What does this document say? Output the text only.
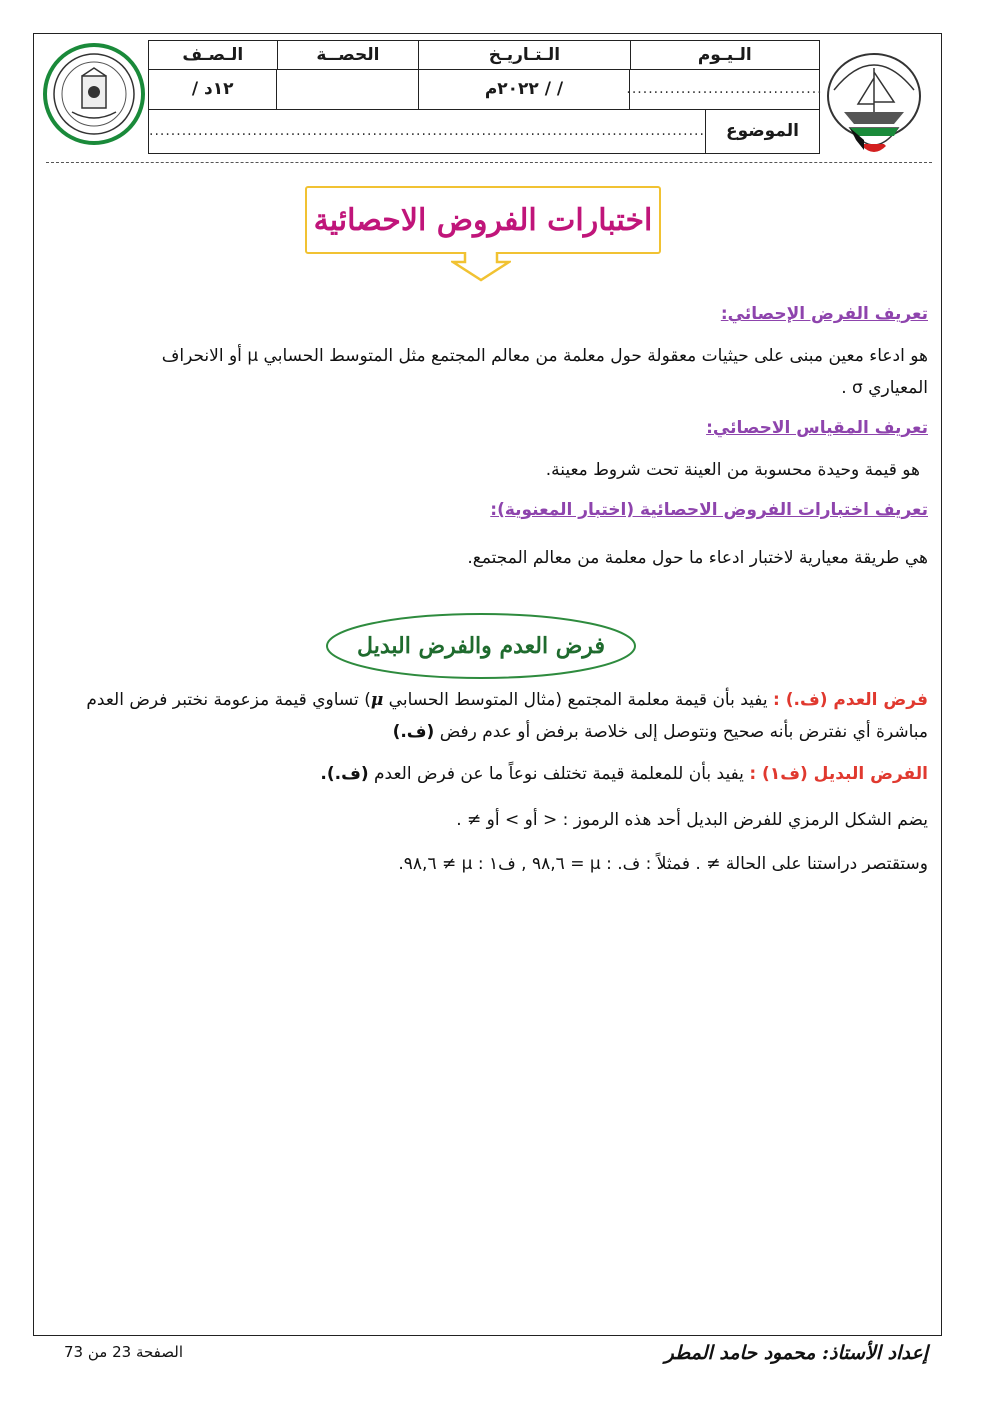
الـيـوم
الـتـاريـخ
الحصــة
الـصـف
....................................
/ / ٢٠٢٢م
١٢د /
الموضوع
......................................................................................................
اختبارات الفروض الاحصائية
تعريف الفرض الإحصائي:
هو ادعاء معين مبنى على حيثيات معقولة حول معلمة من معالم المجتمع مثل المتوسط الحسابي μ أو الانحراف
المعياري σ .
تعريف المقياس الاحصائي:
هو قيمة وحيدة محسوبة من العينة تحت شروط معينة.
تعريف اختبارات الفروض الاحصائية (اختبار المعنوية):
هي طريقة معيارية لاختبار ادعاء ما حول معلمة من معالم المجتمع.
فرض العدم والفرض البديل
فرض العدم (ف.) : يفيد بأن قيمة معلمة المجتمع (مثال المتوسط الحسابي μ) تساوي قيمة مزعومة نختبر فرض العدم
مباشرة أي نفترض بأنه صحيح ونتوصل إلى خلاصة برفض أو عدم رفض (ف.)
الفرض البديل (ف١) : يفيد بأن للمعلمة قيمة تختلف نوعاً ما عن فرض العدم (ف.).
يضم الشكل الرمزي للفرض البديل أحد هذه الرموز : < أو > أو ≠ .
وستقتصر دراستنا على الحالة ≠ . فمثلاً : ف. : μ = ٩٨,٦ , ف١ : μ ≠ ٩٨,٦.
إعداد الأستاذ: محمود حامد المطر
الصفحة 23 من 73
